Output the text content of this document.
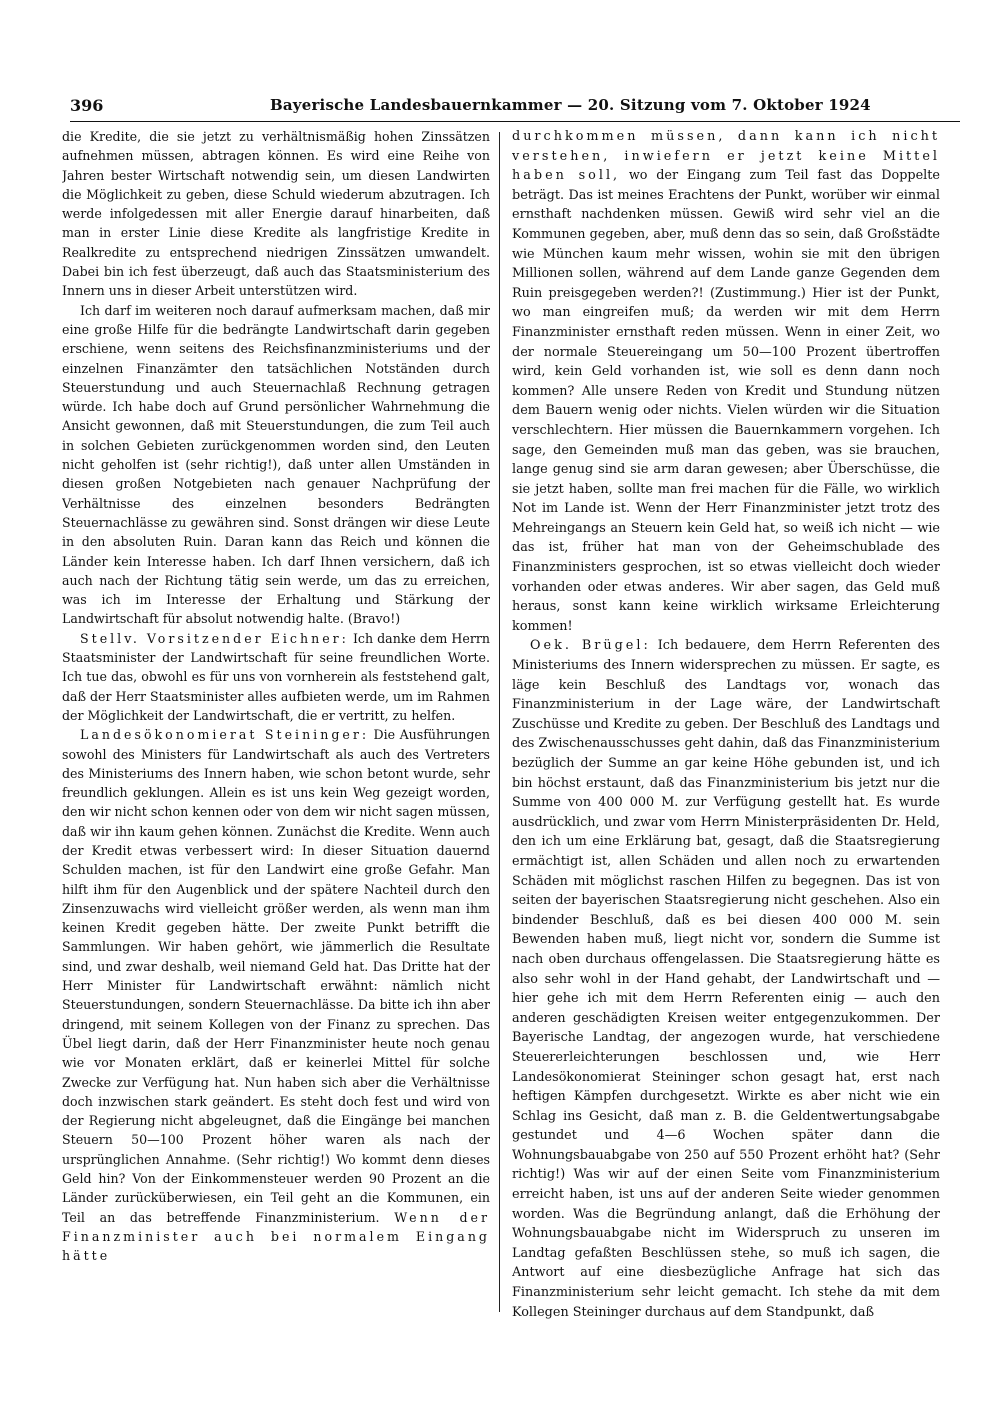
396	Bayerische Landesbauernkammer — 20. Sitzung vom 7. Oktober 1924

die Kredite, die sie jetzt zu verhältnismäßig hohen Zinssätzen aufnehmen müssen, abtragen können. Es wird eine Reihe von Jahren bester Wirtschaft notwendig sein, um diesen Landwirten die Möglichkeit zu geben, diese Schuld wiederum abzutragen. Ich werde infolgedessen mit aller Energie darauf hinarbeiten, daß man in erster Linie diese Kredite als langfristige Kredite in Realkredite zu entsprechend niedrigen Zinssätzen umwandelt. Dabei bin ich fest überzeugt, daß auch das Staatsministerium des Innern uns in dieser Arbeit unterstützen wird.

Ich darf im weiteren noch darauf aufmerksam machen, daß mir eine große Hilfe für die bedrängte Landwirtschaft darin gegeben erschiene, wenn seitens des Reichsfinanzministeriums und der einzelnen Finanzämter den tatsächlichen Notständen durch Steuerstundung und auch Steuernachlaß Rechnung getragen würde. Ich habe doch auf Grund persönlicher Wahrnehmung die Ansicht gewonnen, daß mit Steuerstundungen, die zum Teil auch in solchen Gebieten zurückgenommen worden sind, den Leuten nicht geholfen ist (sehr richtig!), daß unter allen Umständen in diesen großen Notgebieten nach genauer Nachprüfung der Verhältnisse des einzelnen besonders Bedrängten Steuernachlässe zu gewähren sind. Sonst drängen wir diese Leute in den absoluten Ruin. Daran kann das Reich und können die Länder kein Interesse haben. Ich darf Ihnen versichern, daß ich auch nach der Richtung tätig sein werde, um das zu erreichen, was ich im Interesse der Erhaltung und Stärkung der Landwirtschaft für absolut notwendig halte. (Bravo!)

Stellv. Vorsitzender Eichner: Ich danke dem Herrn Staatsminister der Landwirtschaft für seine freundlichen Worte. Ich tue das, obwohl es für uns von vornherein als feststehend galt, daß der Herr Staatsminister alles aufbieten werde, um im Rahmen der Möglichkeit der Landwirtschaft, die er vertritt, zu helfen.

Landesökonomierat Steininger: Die Ausführungen sowohl des Ministers für Landwirtschaft als auch des Vertreters des Ministeriums des Innern haben, wie schon betont wurde, sehr freundlich geklungen. Allein es ist uns kein Weg gezeigt worden, den wir nicht schon kennen oder von dem wir nicht sagen müssen, daß wir ihn kaum gehen können. Zunächst die Kredite. Wenn auch der Kredit etwas verbessert wird: In dieser Situation dauernd Schulden machen, ist für den Landwirt eine große Gefahr. Man hilft ihm für den Augenblick und der spätere Nachteil durch den Zinsenzuwachs wird vielleicht größer werden, als wenn man ihm keinen Kredit gegeben hätte. Der zweite Punkt betrifft die Sammlungen. Wir haben gehört, wie jämmerlich die Resultate sind, und zwar deshalb, weil niemand Geld hat. Das Dritte hat der Herr Minister für Landwirtschaft erwähnt: nämlich nicht Steuerstundungen, sondern Steuernachlässe. Da bitte ich ihn aber dringend, mit seinem Kollegen von der Finanz zu sprechen. Das Übel liegt darin, daß der Herr Finanzminister heute noch genau wie vor Monaten erklärt, daß er keinerlei Mittel für solche Zwecke zur Verfügung hat. Nun haben sich aber die Verhältnisse doch inzwischen stark geändert. Es steht doch fest und wird von der Regierung nicht abgeleugnet, daß die Eingänge bei manchen Steuern 50—100 Prozent höher waren als nach der ursprünglichen Annahme. (Sehr richtig!) Wo kommt denn dieses Geld hin? Von der Einkommensteuer werden 90 Prozent an die Länder zurücküberwiesen, ein Teil geht an die Kommunen, ein Teil an das betreffende Finanzministerium. Wenn der Finanzminister auch bei normalem Eingang hätte

durchkommen müssen, dann kann ich nicht verstehen, inwiefern er jetzt keine Mittel haben soll, wo der Eingang zum Teil fast das Doppelte beträgt. Das ist meines Erachtens der Punkt, worüber wir einmal ernsthaft nachdenken müssen. Gewiß wird sehr viel an die Kommunen gegeben, aber, muß denn das so sein, daß Großstädte wie München kaum mehr wissen, wohin sie mit den übrigen Millionen sollen, während auf dem Lande ganze Gegenden dem Ruin preisgegeben werden?! (Zustimmung.) Hier ist der Punkt, wo man eingreifen muß; da werden wir mit dem Herrn Finanzminister ernsthaft reden müssen. Wenn in einer Zeit, wo der normale Steuereingang um 50—100 Prozent übertroffen wird, kein Geld vorhanden ist, wie soll es denn dann noch kommen? Alle unsere Reden von Kredit und Stundung nützen dem Bauern wenig oder nichts. Vielen würden wir die Situation verschlechtern. Hier müssen die Bauernkammern vorgehen. Ich sage, den Gemeinden muß man das geben, was sie brauchen, lange genug sind sie arm daran gewesen; aber Überschüsse, die sie jetzt haben, sollte man frei machen für die Fälle, wo wirklich Not im Lande ist. Wenn der Herr Finanzminister jetzt trotz des Mehreingangs an Steuern kein Geld hat, so weiß ich nicht — wie das ist, früher hat man von der Geheimschublade des Finanzministers gesprochen, ist so etwas vielleicht doch wieder vorhanden oder etwas anderes. Wir aber sagen, das Geld muß heraus, sonst kann keine wirklich wirksame Erleichterung kommen!

Oek. Brügel: Ich bedauere, dem Herrn Referenten des Ministeriums des Innern widersprechen zu müssen. Er sagte, es läge kein Beschluß des Landtags vor, wonach das Finanzministerium in der Lage wäre, der Landwirtschaft Zuschüsse und Kredite zu geben. Der Beschluß des Landtags und des Zwischenausschusses geht dahin, daß das Finanzministerium bezüglich der Summe an gar keine Höhe gebunden ist, und ich bin höchst erstaunt, daß das Finanzministerium bis jetzt nur die Summe von 400 000 M. zur Verfügung gestellt hat. Es wurde ausdrücklich, und zwar vom Herrn Ministerpräsidenten Dr. Held, den ich um eine Erklärung bat, gesagt, daß die Staatsregierung ermächtigt ist, allen Schäden und allen noch zu erwartenden Schäden mit möglichst raschen Hilfen zu begegnen. Das ist von seiten der bayerischen Staatsregierung nicht geschehen. Also ein bindender Beschluß, daß es bei diesen 400 000 M. sein Bewenden haben muß, liegt nicht vor, sondern die Summe ist nach oben durchaus offengelassen. Die Staatsregierung hätte es also sehr wohl in der Hand gehabt, der Landwirtschaft und — hier gehe ich mit dem Herrn Referenten einig — auch den anderen geschädigten Kreisen weiter entgegenzukommen. Der Bayerische Landtag, der angezogen wurde, hat verschiedene Steuererleichterungen beschlossen und, wie Herr Landesökonomierat Steininger schon gesagt hat, erst nach heftigen Kämpfen durchgesetzt. Wirkte es aber nicht wie ein Schlag ins Gesicht, daß man z. B. die Geldentwertungsabgabe gestundet und 4—6 Wochen später dann die Wohnungsbauabgabe von 250 auf 550 Prozent erhöht hat? (Sehr richtig!) Was wir auf der einen Seite vom Finanzministerium erreicht haben, ist uns auf der anderen Seite wieder genommen worden. Was die Begründung anlangt, daß die Erhöhung der Wohnungsbauabgabe nicht im Widerspruch zu unseren im Landtag gefaßten Beschlüssen stehe, so muß ich sagen, die Antwort auf eine diesbezügliche Anfrage hat sich das Finanzministerium sehr leicht gemacht. Ich stehe da mit dem Kollegen Steininger durchaus auf dem Standpunkt, daß
